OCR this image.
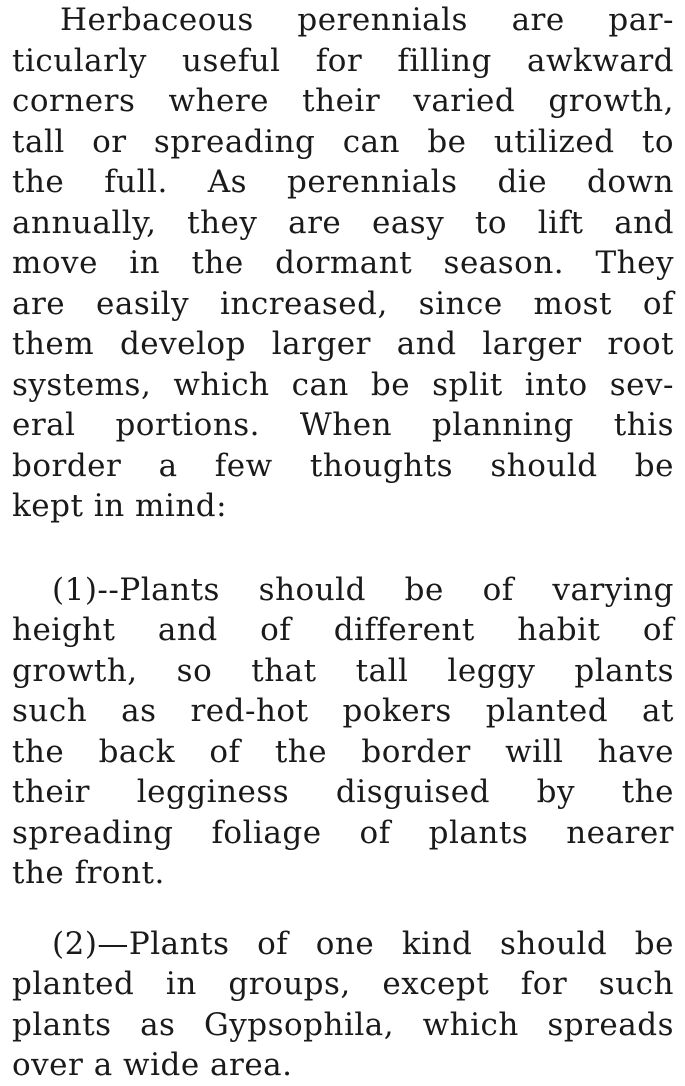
Herbaceous perennials are par-
ticularly useful for filling awkward
corners where their varied growth,
tall or spreading can be utilized to
the full. As perennials die down
annually, they are easy to lift and
move in the dormant season. They
are easily increased, since most of
them develop larger and larger root
systems, which can be split into sev-
eral portions. When planning this
border a few thoughts should be
kept in mind:

(1)--Plants should be of varying
height and of different habit of
growth, so that tall leggy plants
such as red-hot pokers planted at
the back of the border will have
their legginess disguised by the
spreading foliage of plants nearer
the front.

(2)—Plants of one kind should be
planted in groups, except for such
plants as Gypsophila, which spreads
over a wide area.
